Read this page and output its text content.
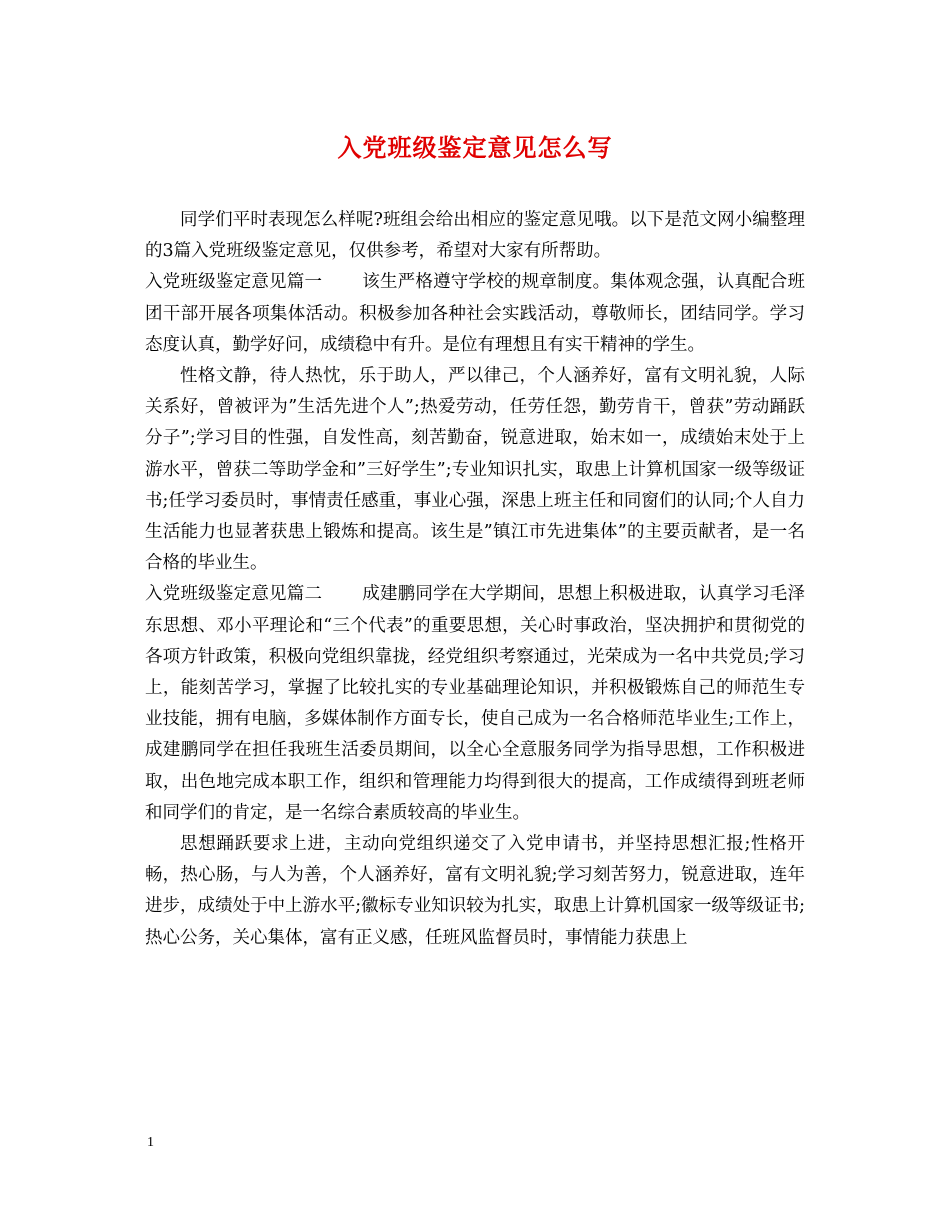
入党班级鉴定意见怎么写

同学们平时表现怎么样呢?班组会给出相应的鉴定意见哦。以下是范文网小编整理的3篇入党班级鉴定意见，仅供参考，希望对大家有所帮助。

入党班级鉴定意见篇一 该生严格遵守学校的规章制度。集体观念强，认真配合班团干部开展各项集体活动。积极参加各种社会实践活动，尊敬师长，团结同学。学习态度认真，勤学好问，成绩稳中有升。是位有理想且有实干精神的学生。

性格文静，待人热忱，乐于助人，严以律己，个人涵养好，富有文明礼貌，人际关系好，曾被评为”生活先进个人”;热爱劳动，任劳任怨，勤劳肯干，曾获”劳动踊跃分子”;学习目的性强，自发性高，刻苦勤奋，锐意进取，始末如一，成绩始末处于上游水平，曾获二等助学金和”三好学生”;专业知识扎实，取患上计算机国家一级等级证书;任学习委员时，事情责任感重，事业心强，深患上班主任和同窗们的认同;个人自力生活能力也显著获患上锻炼和提高。该生是”镇江市先进集体”的主要贡献者，是一名合格的毕业生。

入党班级鉴定意见篇二 成建鹏同学在大学期间，思想上积极进取，认真学习毛泽东思想、邓小平理论和“三个代表”的重要思想，关心时事政治，坚决拥护和贯彻党的各项方针政策，积极向党组织靠拢，经党组织考察通过，光荣成为一名中共党员;学习上，能刻苦学习，掌握了比较扎实的专业基础理论知识，并积极锻炼自己的师范生专业技能，拥有电脑，多媒体制作方面专长，使自己成为一名合格师范毕业生;工作上，成建鹏同学在担任我班生活委员期间，以全心全意服务同学为指导思想，工作积极进取，出色地完成本职工作，组织和管理能力均得到很大的提高，工作成绩得到班老师和同学们的肯定，是一名综合素质较高的毕业生。

思想踊跃要求上进，主动向党组织递交了入党申请书，并坚持思想汇报;性格开畅，热心肠，与人为善，个人涵养好，富有文明礼貌;学习刻苦努力，锐意进取，连年进步，成绩处于中上游水平;徽标专业知识较为扎实，取患上计算机国家一级等级证书;热心公务，关心集体，富有正义感，任班风监督员时，事情能力获患上

1
